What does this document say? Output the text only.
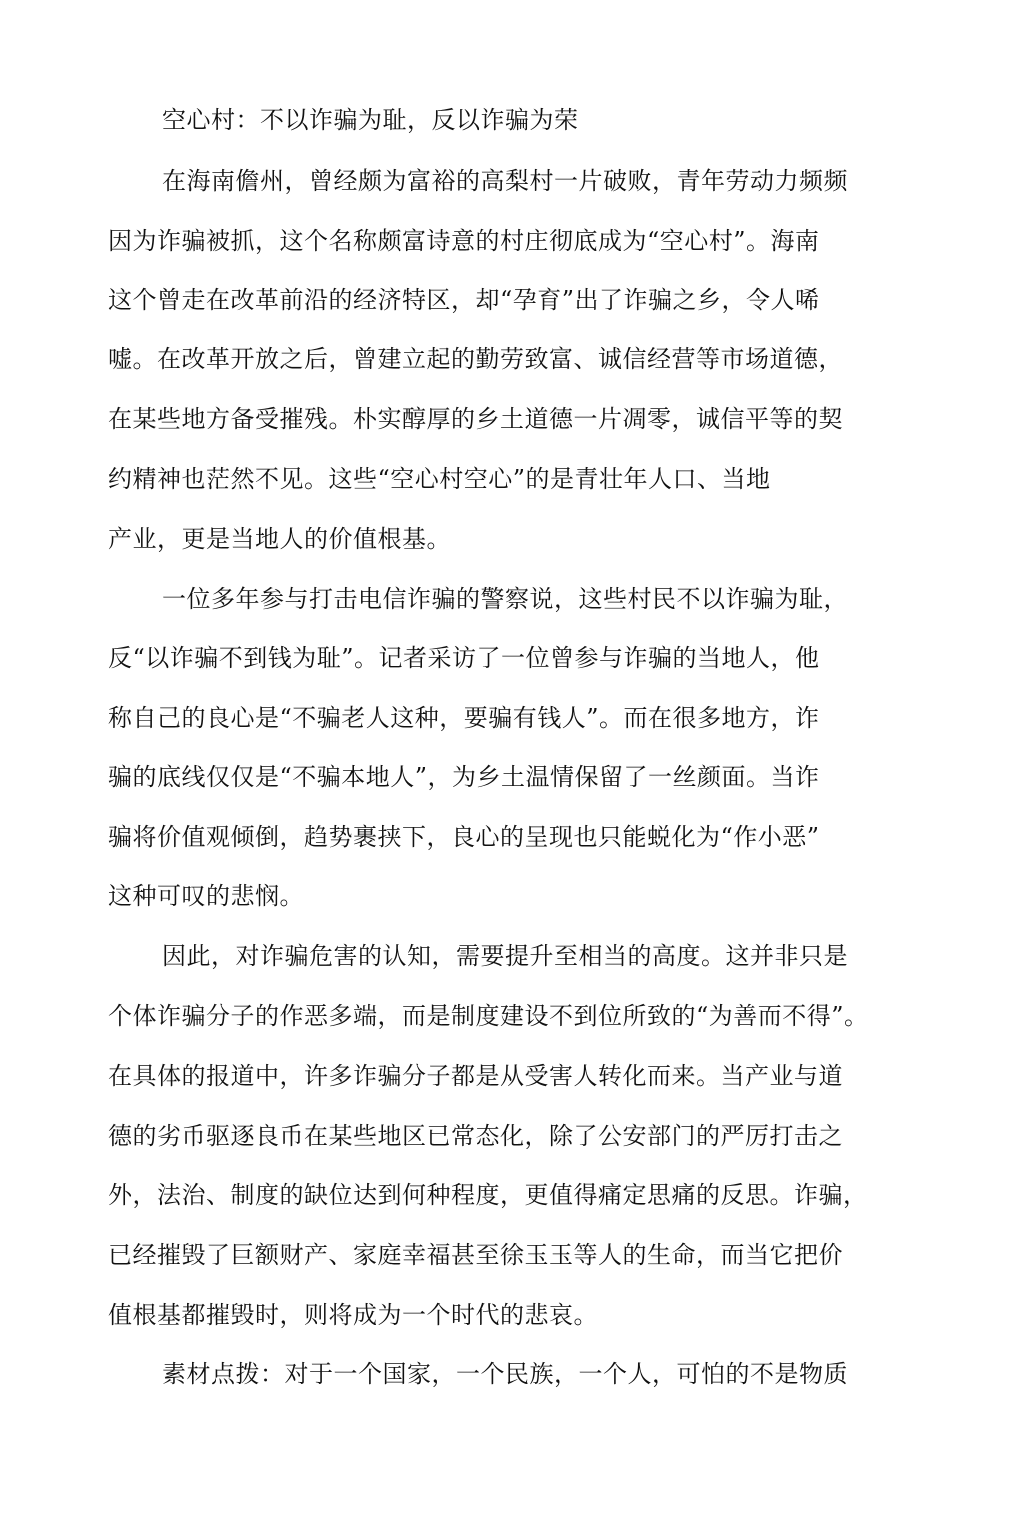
空心村：不以诈骗为耻，反以诈骗为荣
在海南儋州，曾经颇为富裕的高梨村一片破败，青年劳动力频频
因为诈骗被抓，这个名称颇富诗意的村庄彻底成为“空心村”。海南
这个曾走在改革前沿的经济特区，却“孕育”出了诈骗之乡，令人唏
嘘。在改革开放之后，曾建立起的勤劳致富、诚信经营等市场道德，
在某些地方备受摧残。朴实醇厚的乡土道德一片凋零，诚信平等的契
约精神也茫然不见。这些“空心村空心”的是青壮年人口、当地
产业，更是当地人的价值根基。
一位多年参与打击电信诈骗的警察说，这些村民不以诈骗为耻，
反“以诈骗不到钱为耻”。记者采访了一位曾参与诈骗的当地人，他
称自己的良心是“不骗老人这种，要骗有钱人”。而在很多地方，诈
骗的底线仅仅是“不骗本地人”，为乡土温情保留了一丝颜面。当诈
骗将价值观倾倒，趋势裹挟下，良心的呈现也只能蜕化为“作小恶”
这种可叹的悲悯。
因此，对诈骗危害的认知，需要提升至相当的高度。这并非只是
个体诈骗分子的作恶多端，而是制度建设不到位所致的“为善而不得”。
在具体的报道中，许多诈骗分子都是从受害人转化而来。当产业与道
德的劣币驱逐良币在某些地区已常态化，除了公安部门的严厉打击之
外，法治、制度的缺位达到何种程度，更值得痛定思痛的反思。诈骗，
已经摧毁了巨额财产、家庭幸福甚至徐玉玉等人的生命，而当它把价
值根基都摧毁时，则将成为一个时代的悲哀。
素材点拨：对于一个国家，一个民族，一个人，可怕的不是物质
